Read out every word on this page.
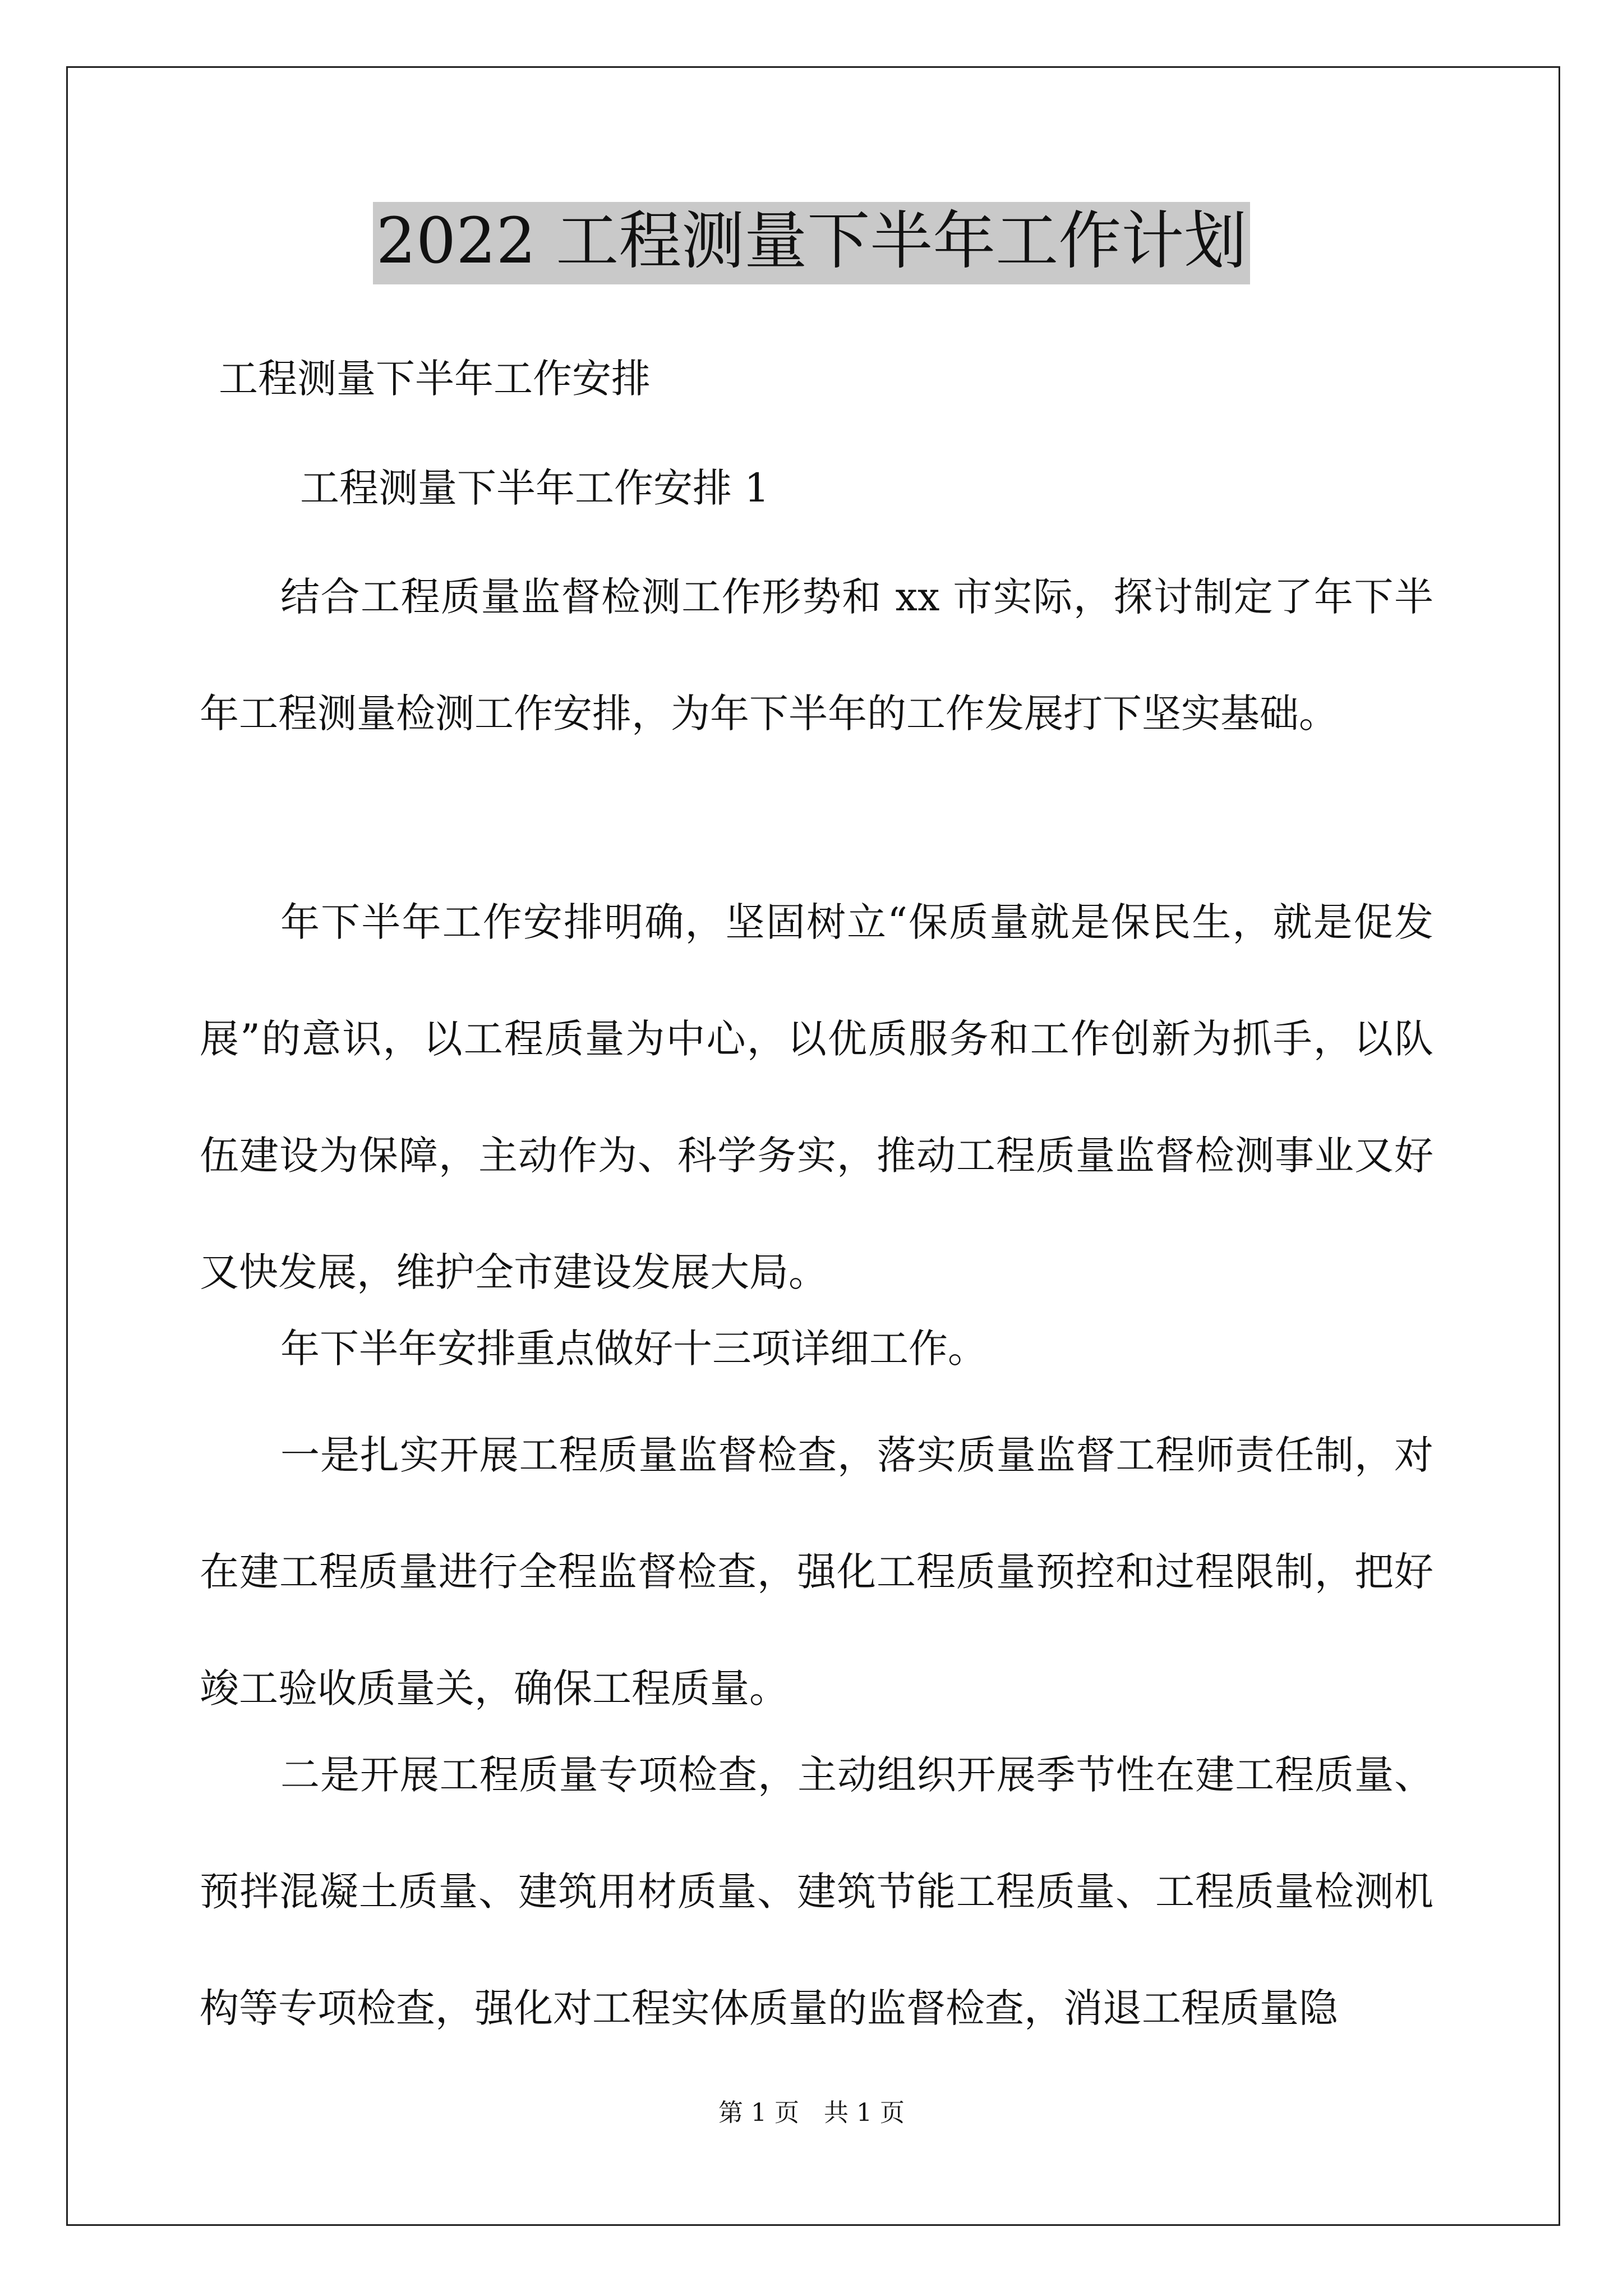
2022 工程测量下半年工作计划

工程测量下半年工作安排

工程测量下半年工作安排 1

结合工程质量监督检测工作形势和 xx 市实际，探讨制定了年下半年工程测量检测工作安排，为年下半年的工作发展打下坚实基础。

年下半年工作安排明确，坚固树立“保质量就是保民生，就是促发展”的意识，以工程质量为中心，以优质服务和工作创新为抓手，以队伍建设为保障，主动作为、科学务实，推动工程质量监督检测事业又好又快发展，维护全市建设发展大局。

年下半年安排重点做好十三项详细工作。

一是扎实开展工程质量监督检查，落实质量监督工程师责任制，对在建工程质量进行全程监督检查，强化工程质量预控和过程限制，把好竣工验收质量关，确保工程质量。

二是开展工程质量专项检查，主动组织开展季节性在建工程质量、预拌混凝土质量、建筑用材质量、建筑节能工程质量、工程质量检测机构等专项检查，强化对工程实体质量的监督检查，消退工程质量隐

第 1 页　共 1 页
